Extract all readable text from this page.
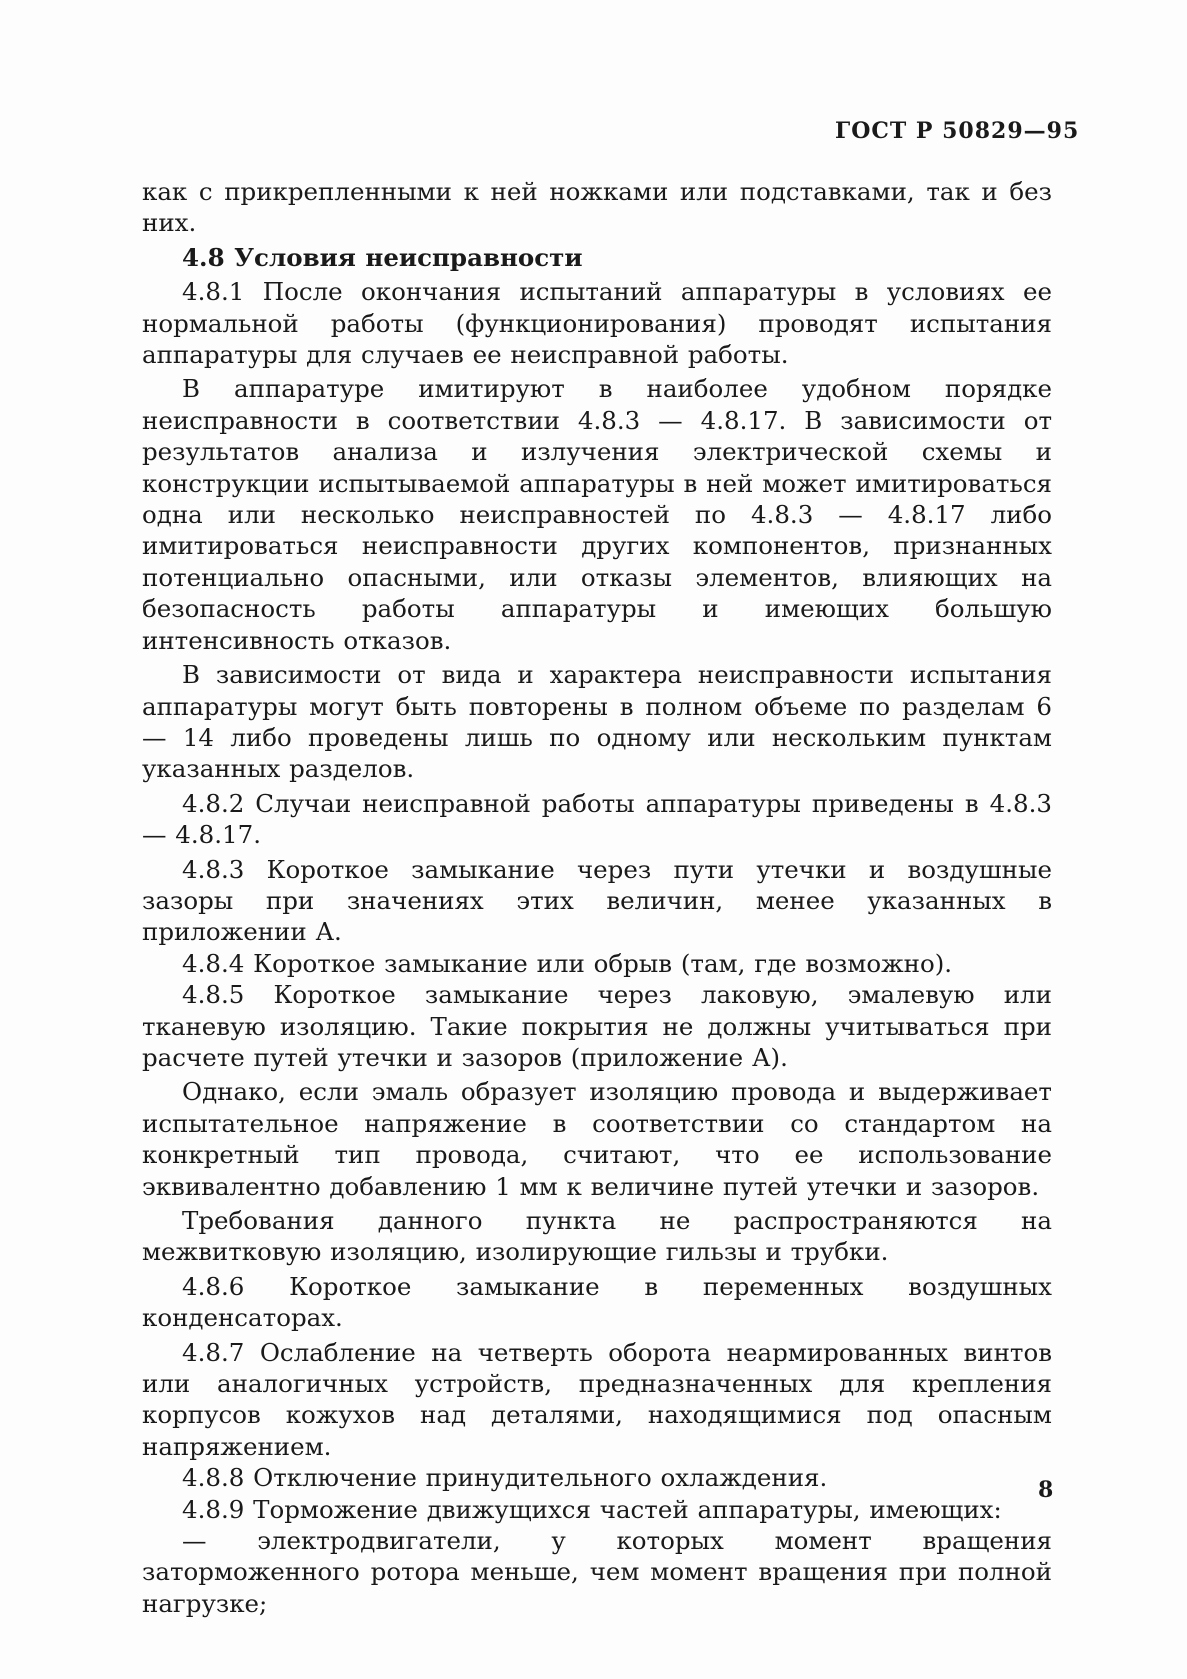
ГОСТ Р 50829—95

как с прикрепленными к ней ножками или подставками, так и без них.

4.8 Условия неисправности

4.8.1 После окончания испытаний аппаратуры в условиях ее нормальной работы (функционирования) проводят испытания аппаратуры для случаев ее неисправной работы.

В аппаратуре имитируют в наиболее удобном порядке неисправности в соответствии 4.8.3 — 4.8.17. В зависимости от результатов анализа и излучения электрической схемы и конструкции испытываемой аппаратуры в ней может имитироваться одна или несколько неисправностей по 4.8.3 — 4.8.17 либо имитироваться неисправности других компонентов, признанных потенциально опасными, или отказы элементов, влияющих на безопасность работы аппаратуры и имеющих большую интенсивность отказов.

В зависимости от вида и характера неисправности испытания аппаратуры могут быть повторены в полном объеме по разделам 6 — 14 либо проведены лишь по одному или нескольким пунктам указанных разделов.

4.8.2 Случаи неисправной работы аппаратуры приведены в 4.8.3 — 4.8.17.

4.8.3 Короткое замыкание через пути утечки и воздушные зазоры при значениях этих величин, менее указанных в приложении А.

4.8.4 Короткое замыкание или обрыв (там, где возможно).

4.8.5 Короткое замыкание через лаковую, эмалевую или тканевую изоляцию. Такие покрытия не должны учитываться при расчете путей утечки и зазоров (приложение А).

Однако, если эмаль образует изоляцию провода и выдерживает испытательное напряжение в соответствии со стандартом на конкретный тип провода, считают, что ее использование эквивалентно добавлению 1 мм к величине путей утечки и зазоров.

Требования данного пункта не распространяются на межвитковую изоляцию, изолирующие гильзы и трубки.

4.8.6 Короткое замыкание в переменных воздушных конденсаторах.

4.8.7 Ослабление на четверть оборота неармированных винтов или аналогичных устройств, предназначенных для крепления корпусов кожухов над деталями, находящимися под опасным напряжением.

4.8.8 Отключение принудительного охлаждения.

4.8.9 Торможение движущихся частей аппаратуры, имеющих:

— электродвигатели, у которых момент вращения заторможенного ротора меньше, чем момент вращения при полной нагрузке;

8
